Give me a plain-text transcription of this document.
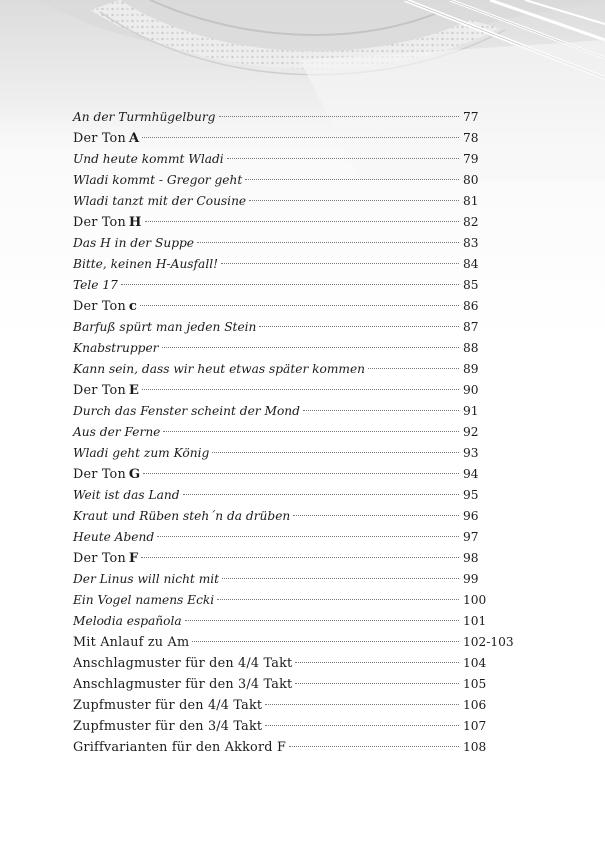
An der Turmhügelburg	77
Der Ton A	78
Und heute kommt Wladi	79
Wladi kommt - Gregor geht	80
Wladi tanzt mit der Cousine	81
Der Ton H	82
Das H in der Suppe	83
Bitte, keinen H-Ausfall!	84
Tele 17	85
Der Ton c	86
Barfuß spürt man jeden Stein	87
Knabstrupper	88
Kann sein, dass wir heut etwas später kommen	89
Der Ton E	90
Durch das Fenster scheint der Mond	91
Aus der Ferne	92
Wladi geht zum König	93
Der Ton G	94
Weit ist das Land	95
Kraut und Rüben steh´n da drüben	96
Heute Abend	97
Der Ton F	98
Der Linus will nicht mit	99
Ein Vogel namens Ecki	100
Melodia española	101
Mit Anlauf zu Am	102-103
Anschlagmuster für den 4/4 Takt	104
Anschlagmuster für den 3/4 Takt	105
Zupfmuster für den 4/4 Takt	106
Zupfmuster für den 3/4 Takt	107
Griffvarianten für den Akkord F	108
